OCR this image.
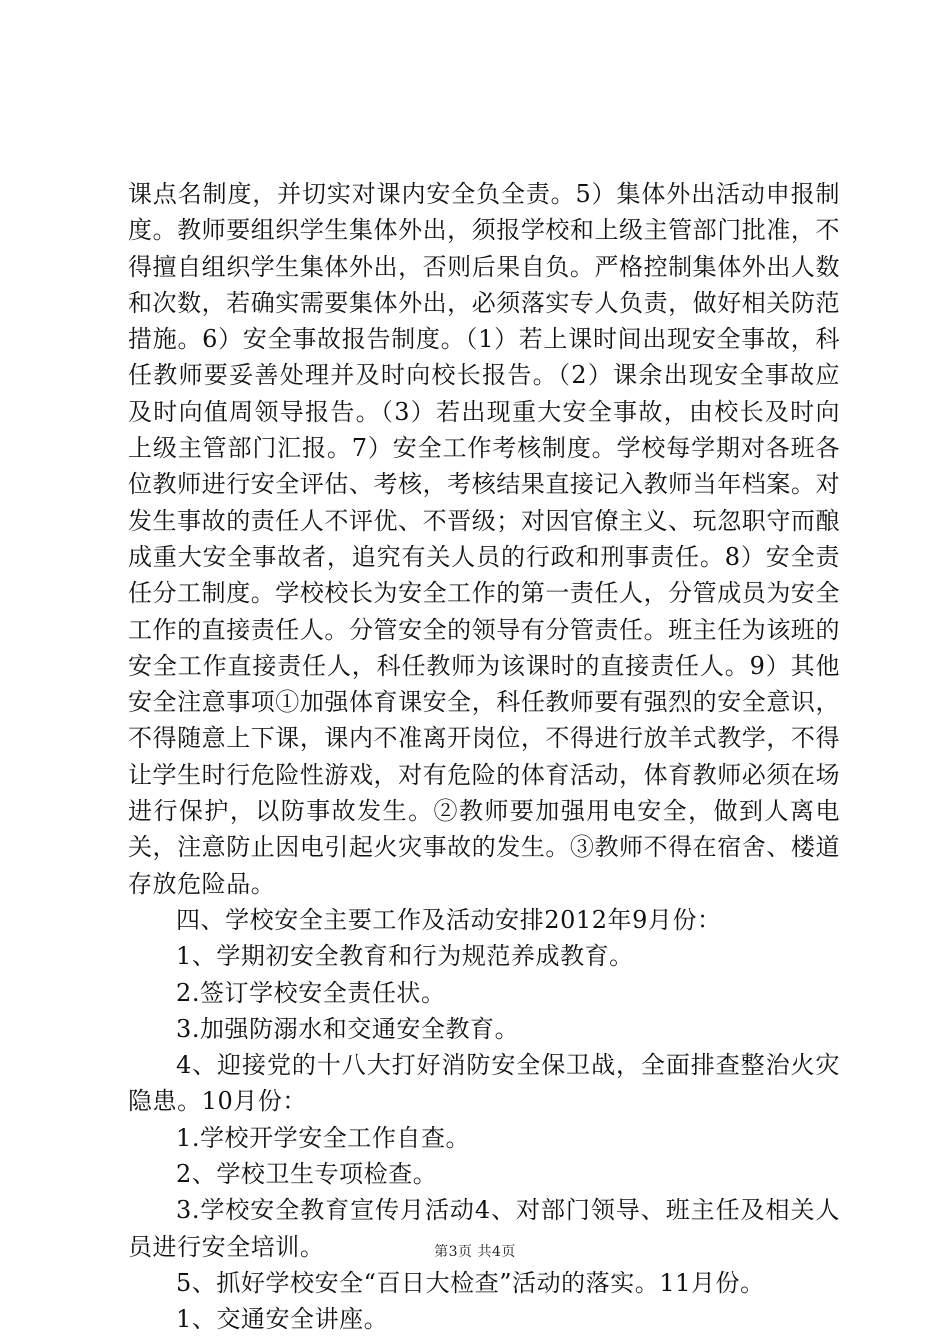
课点名制度，并切实对课内安全负全责。5）集体外出活动申报制度。教师要组织学生集体外出，须报学校和上级主管部门批准，不得擅自组织学生集体外出，否则后果自负。严格控制集体外出人数和次数，若确实需要集体外出，必须落实专人负责，做好相关防范措施。6）安全事故报告制度。（1）若上课时间出现安全事故，科任教师要妥善处理并及时向校长报告。（2）课余出现安全事故应及时向值周领导报告。（3）若出现重大安全事故，由校长及时向上级主管部门汇报。7）安全工作考核制度。学校每学期对各班各位教师进行安全评估、考核，考核结果直接记入教师当年档案。对发生事故的责任人不评优、不晋级；对因官僚主义、玩忽职守而酿成重大安全事故者，追究有关人员的行政和刑事责任。8）安全责任分工制度。学校校长为安全工作的第一责任人，分管成员为安全工作的直接责任人。分管安全的领导有分管责任。班主任为该班的安全工作直接责任人，科任教师为该课时的直接责任人。9）其他安全注意事项①加强体育课安全，科任教师要有强烈的安全意识，不得随意上下课，课内不准离开岗位，不得进行放羊式教学，不得让学生时行危险性游戏，对有危险的体育活动，体育教师必须在场进行保护，以防事故发生。②教师要加强用电安全，做到人离电关，注意防止因电引起火灾事故的发生。③教师不得在宿舍、楼道存放危险品。

四、学校安全主要工作及活动安排2012年9月份：

1、学期初安全教育和行为规范养成教育。

2.签订学校安全责任状。

3.加强防溺水和交通安全教育。

4、迎接党的十八大打好消防安全保卫战，全面排查整治火灾隐患。10月份：

1.学校开学安全工作自查。

2、学校卫生专项检查。

3.学校安全教育宣传月活动4、对部门领导、班主任及相关人员进行安全培训。

5、抓好学校安全“百日大检查”活动的落实。11月份。

1、交通安全讲座。

第3页 共4页
